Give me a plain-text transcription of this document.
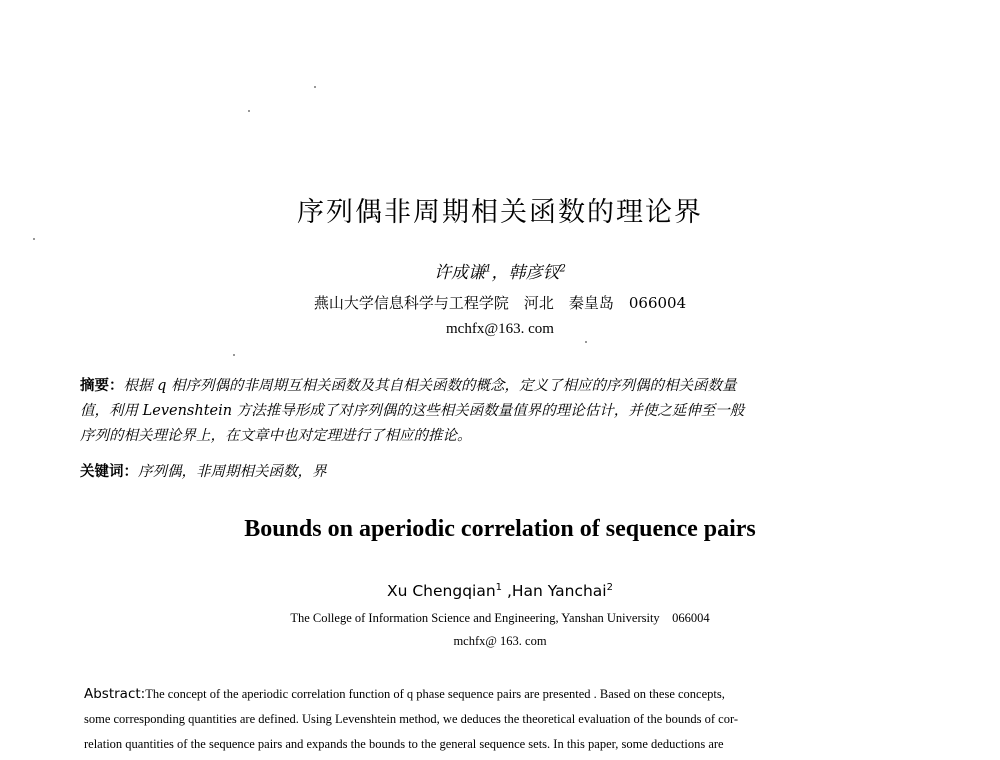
序列偶非周期相关函数的理论界
许成谦$^1$，韩彦钗$^2$
燕山大学信息科学与工程学院　河北　秦皇岛　066004
mchfx@163. com
摘要：根据 q 相序列偶的非周期互相关函数及其自相关函数的概念，定义了相应的序列偶的相关函数量
值，利用 Levenshtein 方法推导形成了对序列偶的这些相关函数量值界的理论估计，并使之延伸至一般
序列的相关理论界上，在文章中也对定理进行了相应的推论。
关键词：序列偶，非周期相关函数，界
Bounds on aperiodic correlation of sequence pairs
Xu Chengqian$^1$ ,Han Yanchai$^2$
The College of Information Science and Engineering, Yanshan University　066004
mchfx@ 163. com
Abstract:The concept of the aperiodic correlation function of q phase sequence pairs are presented . Based on these concepts,
some corresponding quantities are defined. Using Levenshtein method, we deduces the theoretical evaluation of the bounds of cor-
relation quantities of the sequence pairs and expands the bounds to the general sequence sets. In this paper, some deductions are
